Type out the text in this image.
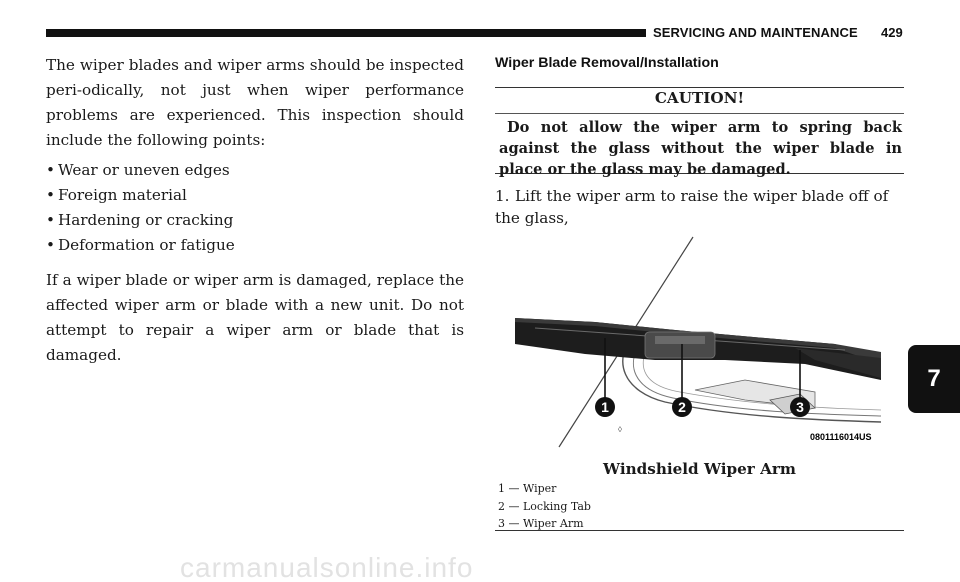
SERVICING AND MAINTENANCE 429

The wiper blades and wiper arms should be inspected peri-odically, not just when wiper performance problems are experienced. This inspection should include the following points:

• Wear or uneven edges
• Foreign material
• Hardening or cracking
• Deformation or fatigue

If a wiper blade or wiper arm is damaged, replace the affected wiper arm or blade with a new unit. Do not attempt to repair a wiper arm or blade that is damaged.

Wiper Blade Removal/Installation
CAUTION!
Do not allow the wiper arm to spring back against the glass without the wiper blade in place or the glass may be damaged.
1. Lift the wiper arm to raise the wiper blade off of the glass,
1	2	3
◊
0801116014US
Windshield Wiper Arm
1 — Wiper
2 — Locking Tab
3 — Wiper Arm
7
carmanualsonline.info
